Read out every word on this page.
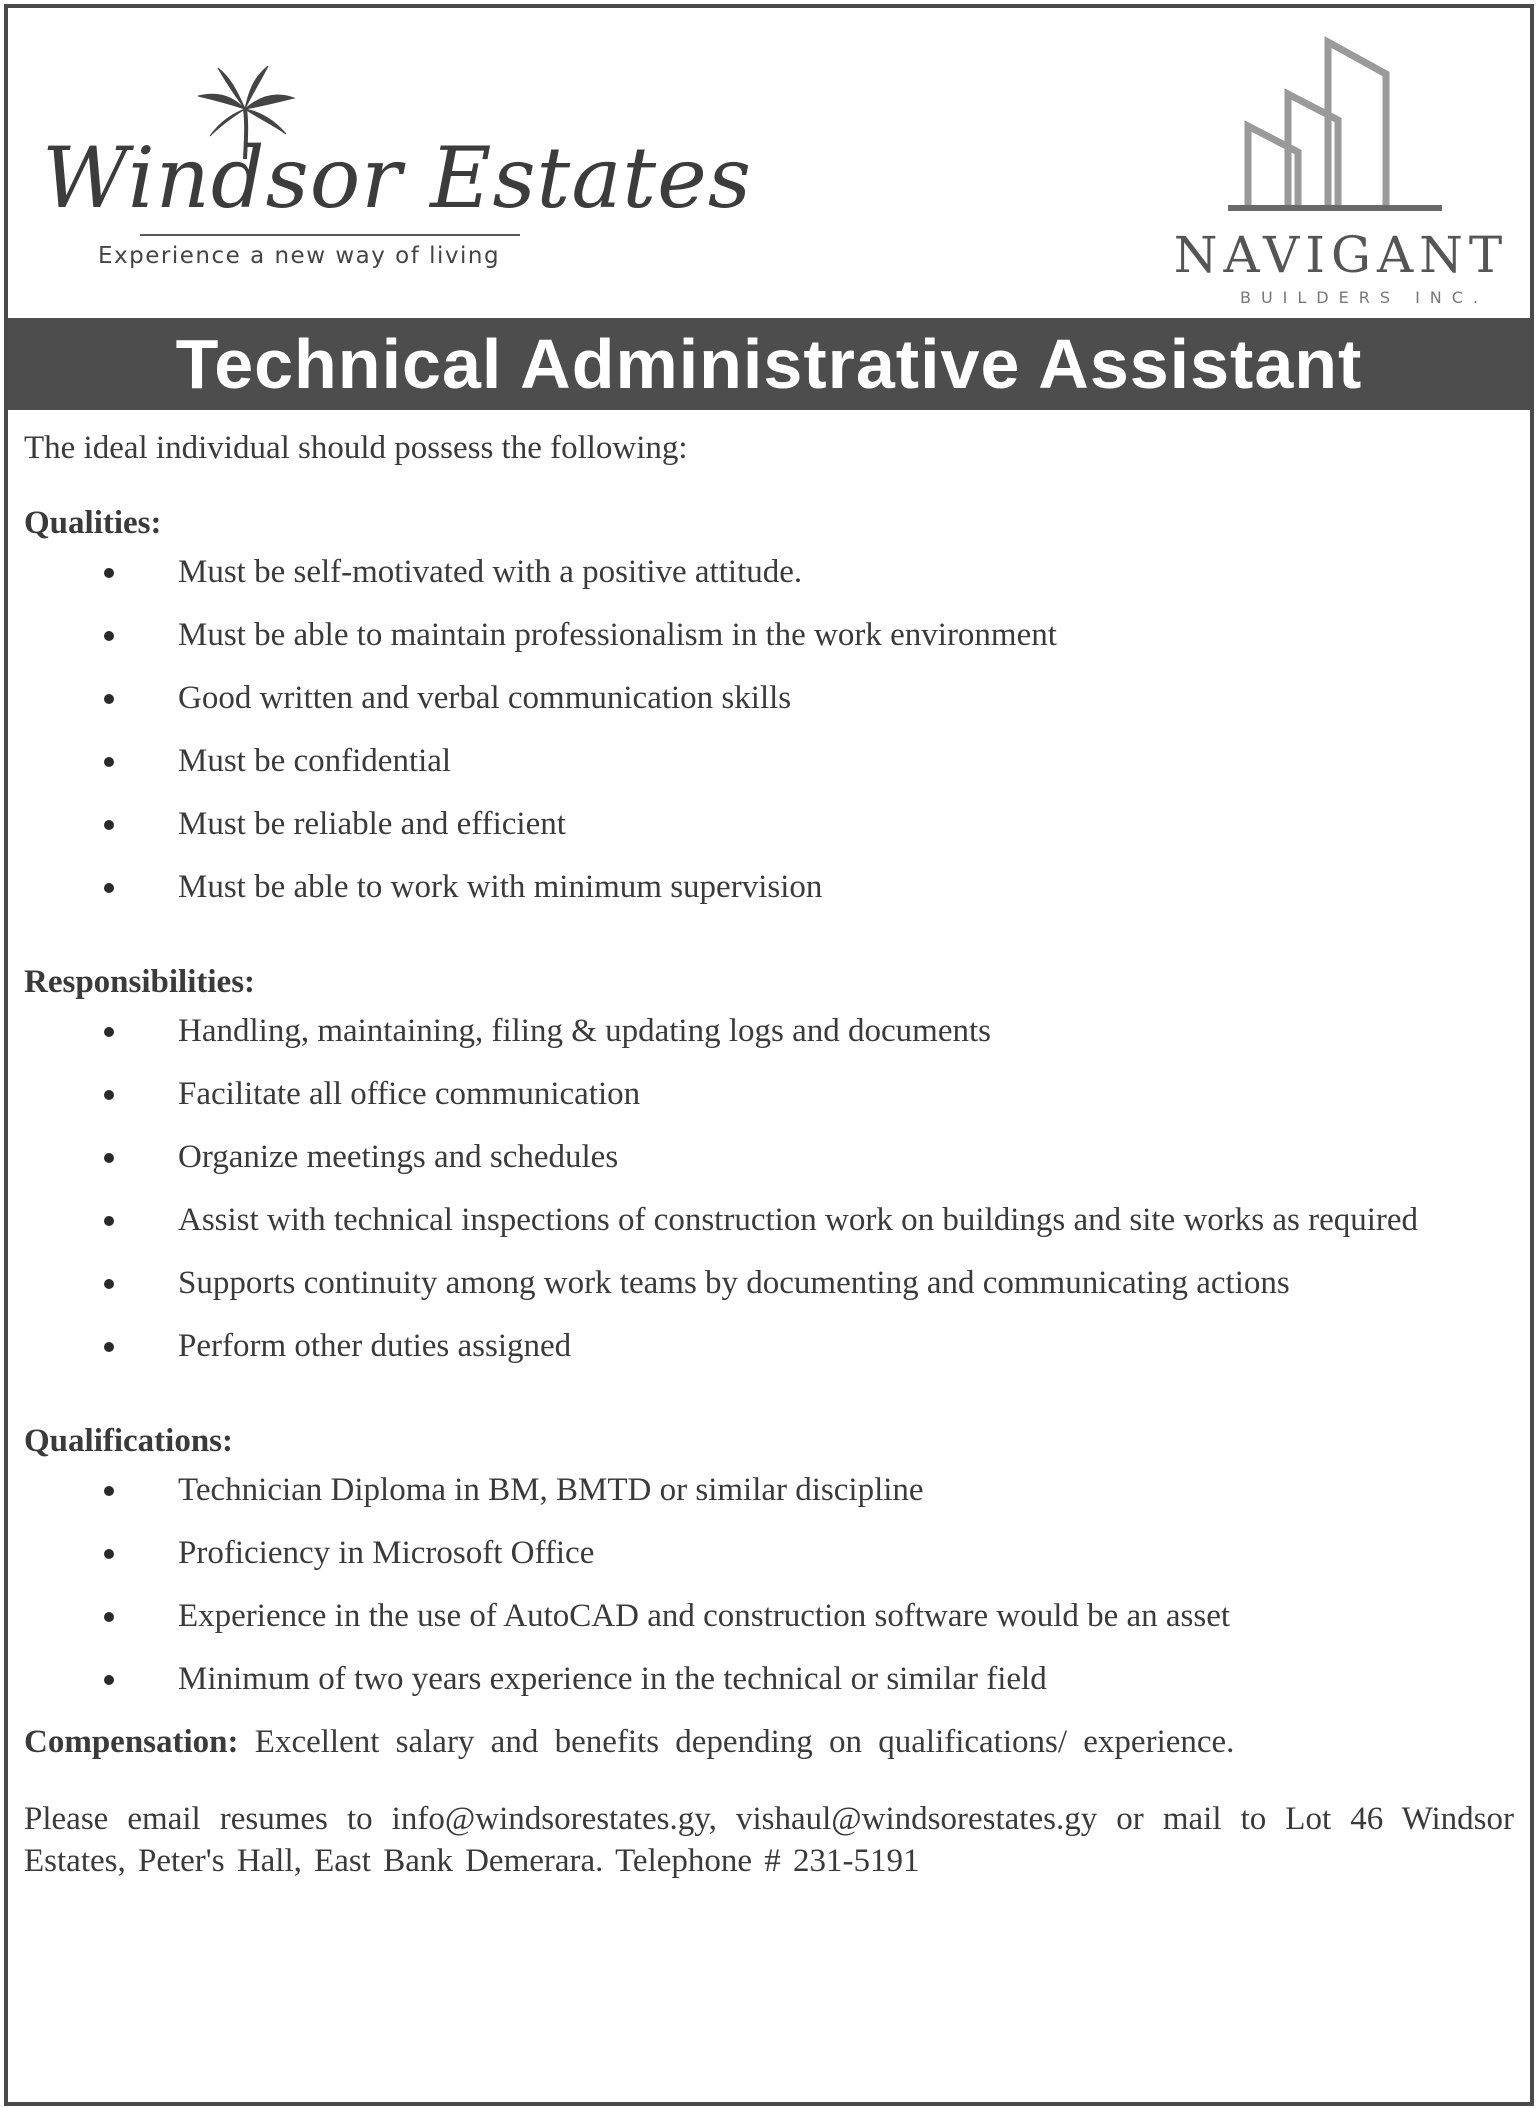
Windsor Estates
Experience a new way of living	NAVIGANT
BUILDERS INC.
Technical Administrative Assistant

The ideal individual should possess the following:

Qualities:

Must be self-motivated with a positive attitude.
Must be able to maintain professionalism in the work environment
Good written and verbal communication skills
Must be confidential
Must be reliable and efficient
Must be able to work with minimum supervision

Responsibilities:

Handling, maintaining, filing & updating logs and documents
Facilitate all office communication
Organize meetings and schedules
Assist with technical inspections of construction work on buildings and site works as required
Supports continuity among work teams by documenting and communicating actions
Perform other duties assigned

Qualifications:

Technician Diploma in BM, BMTD or similar discipline
Proficiency in Microsoft Office
Experience in the use of AutoCAD and construction software would be an asset
Minimum of two years experience in the technical or similar field

Compensation: Excellent salary and benefits depending on qualifications/ experience.

Please email resumes to info@windsorestates.gy, vishaul@windsorestates.gy or mail to Lot 46 Windsor Estates, Peter's Hall, East Bank Demerara. Telephone # 231-5191
